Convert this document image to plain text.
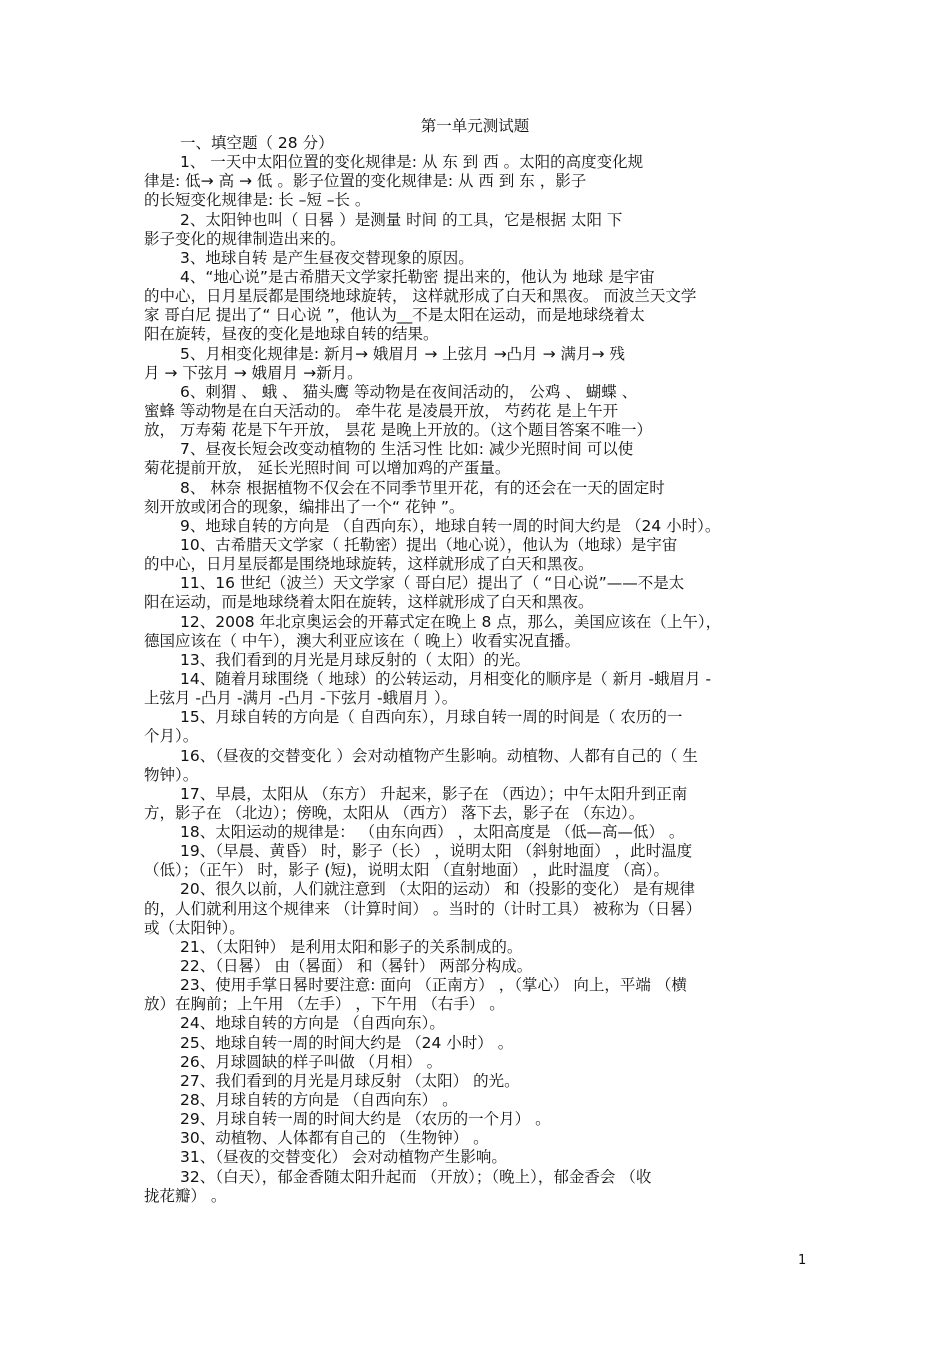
第一单元测试题
一、填空题（ 28 分）
1、 一天中太阳位置的变化规律是: 从 东 到 西 。太阳的高度变化规
律是: 低→ 高 → 低 。影子位置的变化规律是: 从 西 到 东 ，影子
的长短变化规律是: 长 –短 –长 。
2、太阳钟也叫（ 日晷 ）是测量 时间 的工具，它是根据 太阳 下
影子变化的规律制造出来的。
3、地球自转 是产生昼夜交替现象的原因。
4、“地心说”是古希腊天文学家托勒密 提出来的，他认为 地球 是宇宙
的中心，日月星辰都是围绕地球旋转， 这样就形成了白天和黑夜。 而波兰天文学
家 哥白尼 提出了“ 日心说 ”，他认为__不是太阳在运动，而是地球绕着太
阳在旋转，昼夜的变化是地球自转的结果。
5、月相变化规律是: 新月→ 娥眉月 → 上弦月 →凸月 → 满月→ 残
月 → 下弦月 → 娥眉月 →新月。
6、刺猬 、 蛾 、 猫头鹰 等动物是在夜间活动的， 公鸡 、 蝴蝶 、
蜜蜂 等动物是在白天活动的。 牵牛花 是凌晨开放， 芍药花 是上午开
放， 万寿菊 花是下午开放， 昙花 是晚上开放的。（这个题目答案不唯一）
7、昼夜长短会改变动植物的 生活习性 比如: 减少光照时间 可以使
菊花提前开放， 延长光照时间 可以增加鸡的产蛋量。
8、 林奈 根据植物不仅会在不同季节里开花，有的还会在一天的固定时
刻开放或闭合的现象，编排出了一个“ 花钟 ”。
9、地球自转的方向是 （自西向东），地球自转一周的时间大约是 （24 小时）。
10、古希腊天文学家（ 托勒密）提出（地心说），他认为（地球）是宇宙
的中心，日月星辰都是围绕地球旋转，这样就形成了白天和黑夜。
11、16 世纪（波兰）天文学家（ 哥白尼）提出了（ “日心说”——不是太
阳在运动，而是地球绕着太阳在旋转，这样就形成了白天和黑夜。
12、2008 年北京奥运会的开幕式定在晚上 8 点，那么，美国应该在（上午），
德国应该在（ 中午），澳大利亚应该在（ 晚上）收看实况直播。
13、我们看到的月光是月球反射的（ 太阳）的光。
14、随着月球围绕（ 地球）的公转运动，月相变化的顺序是（ 新月 -蛾眉月 -
上弦月 -凸月 -满月 -凸月 -下弦月 -蛾眉月 ）。
15、月球自转的方向是（ 自西向东），月球自转一周的时间是（ 农历的一
个月）。
16、（昼夜的交替变化 ）会对动植物产生影响。动植物、人都有自己的（ 生
物钟）。
17、早晨，太阳从 （东方） 升起来，影子在 （西边）；中午太阳升到正南
方，影子在 （北边）；傍晚，太阳从 （西方） 落下去，影子在 （东边）。
18、太阳运动的规律是： （由东向西） ，太阳高度是 （低—高—低） 。
19、（早晨、黄昏） 时，影子（长） ，说明太阳 （斜射地面） ，此时温度
（低）；（正午） 时，影子 (短)，说明太阳 （直射地面） ，此时温度 （高）。
20、很久以前，人们就注意到 （太阳的运动） 和（投影的变化） 是有规律
的，人们就利用这个规律来 （计算时间） 。当时的（计时工具） 被称为（日晷）
或（太阳钟）。
21、（太阳钟） 是利用太阳和影子的关系制成的。
22、（日晷） 由（晷面） 和（晷针） 两部分构成。
23、使用手掌日晷时要注意: 面向 （正南方） ，（掌心） 向上，平端 （横
放）在胸前；上午用 （左手） ，下午用 （右手） 。
24、地球自转的方向是 （自西向东）。
25、地球自转一周的时间大约是 （24 小时） 。
26、月球圆缺的样子叫做 （月相） 。
27、我们看到的月光是月球反射 （太阳） 的光。
28、月球自转的方向是 （自西向东） 。
29、月球自转一周的时间大约是 （农历的一个月） 。
30、动植物、人体都有自己的 （生物钟） 。
31、（昼夜的交替变化） 会对动植物产生影响。
32、（白天），郁金香随太阳升起而 （开放）；（晚上），郁金香会 （收
拢花瓣） 。
1
